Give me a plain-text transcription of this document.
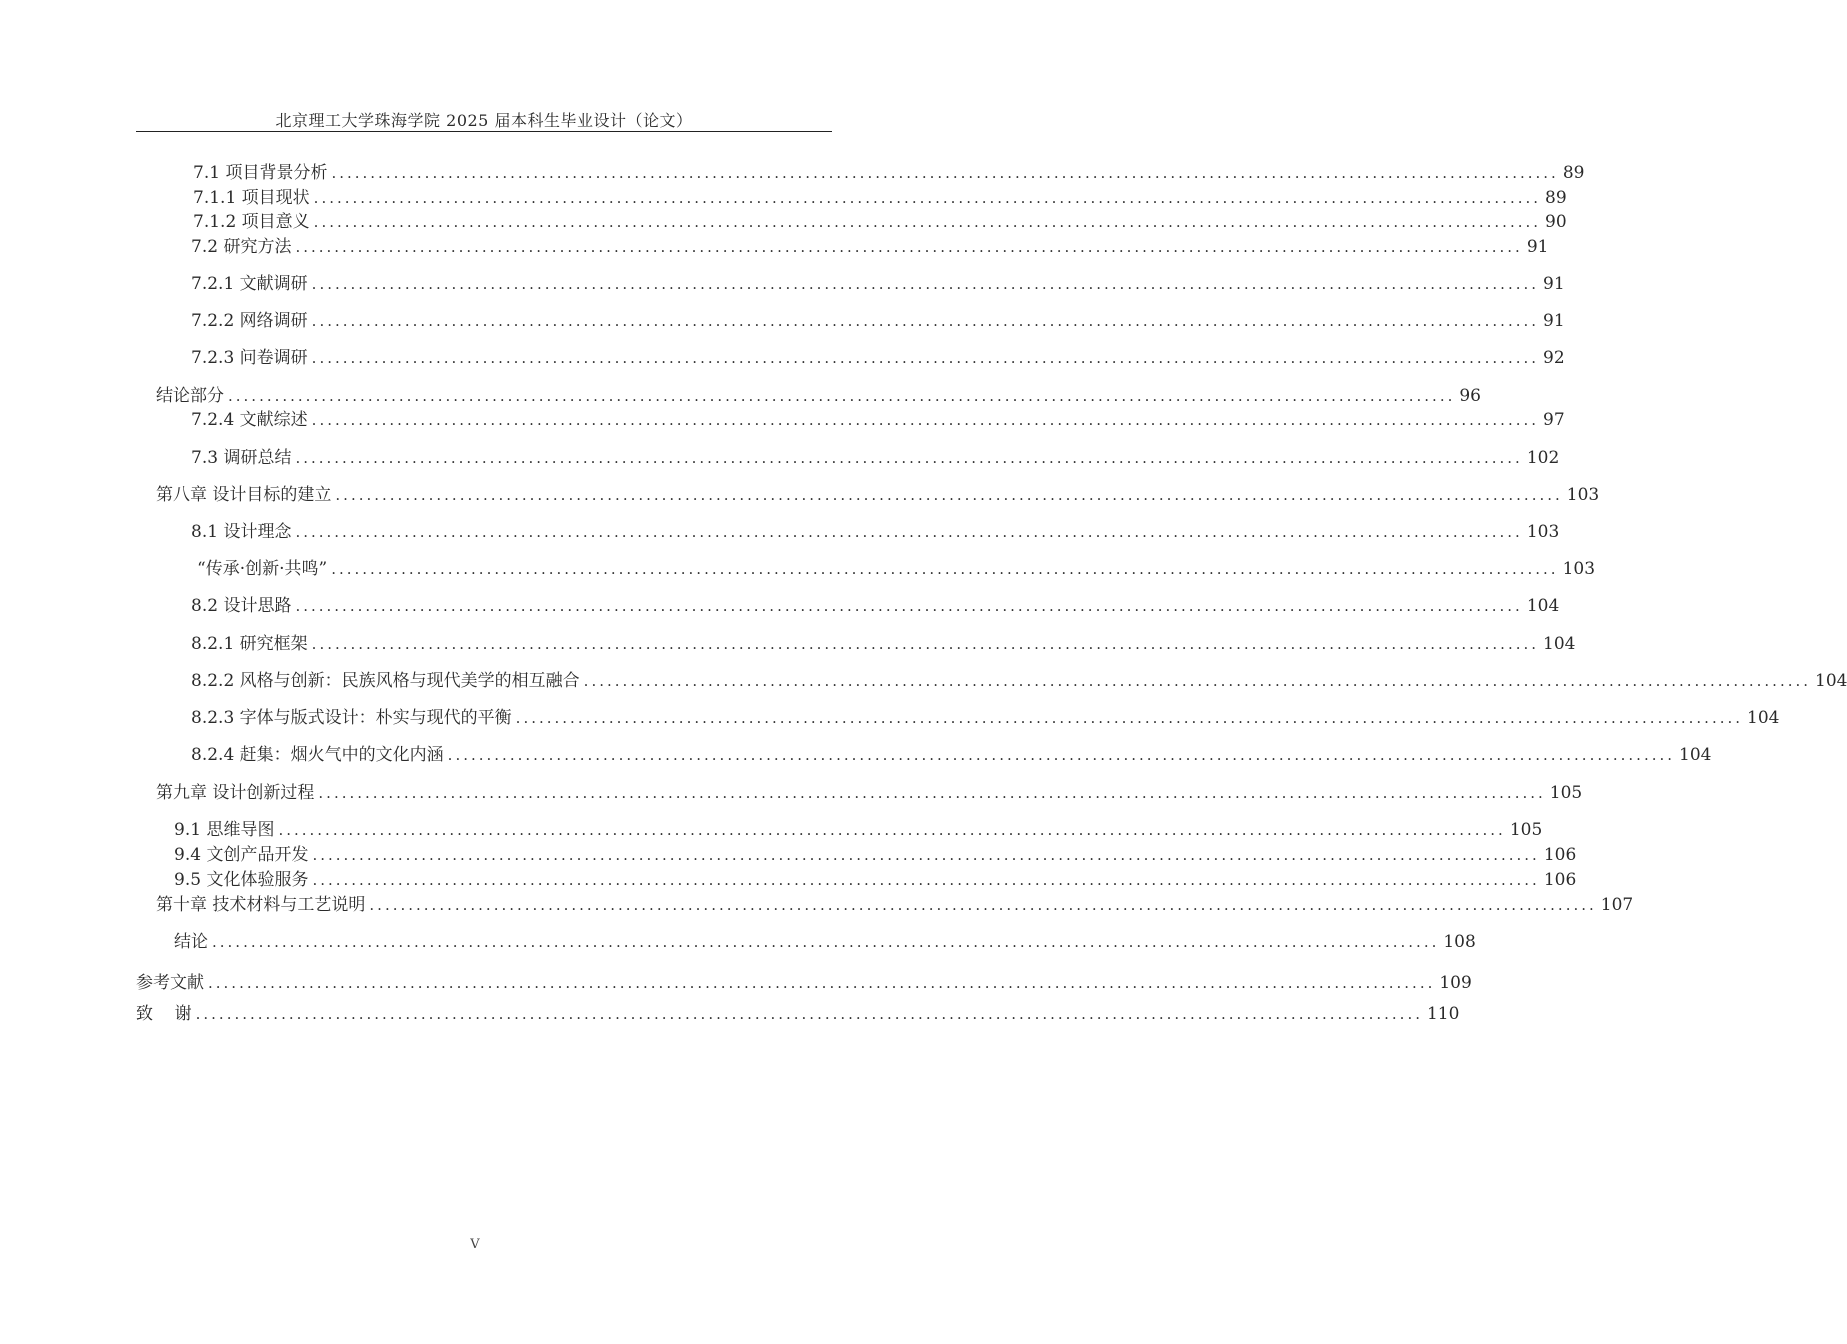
北京理工大学珠海学院 2025 届本科生毕业设计（论文）
7.1 项目背景分析 .............................................................................................................................................................. 89
7.1.1 项目现状 .............................................................................................................................................................. 89
7.1.2 项目意义 .............................................................................................................................................................. 90
7.2 研究方法 .............................................................................................................................................................. 91
7.2.1 文献调研 .............................................................................................................................................................. 91
7.2.2 网络调研 .............................................................................................................................................................. 91
7.2.3 问卷调研 .............................................................................................................................................................. 92
结论部分 .............................................................................................................................................................. 96
7.2.4 文献综述 .............................................................................................................................................................. 97
7.3 调研总结 .............................................................................................................................................................. 102
第八章 设计目标的建立 .............................................................................................................................................................. 103
8.1 设计理念 .............................................................................................................................................................. 103
“传承·创新·共鸣” .............................................................................................................................................................. 103
8.2 设计思路 .............................................................................................................................................................. 104
8.2.1 研究框架 .............................................................................................................................................................. 104
8.2.2 风格与创新：民族风格与现代美学的相互融合 .............................................................................................................................................................. 104
8.2.3 字体与版式设计：朴实与现代的平衡 .............................................................................................................................................................. 104
8.2.4 赶集：烟火气中的文化内涵 .............................................................................................................................................................. 104
第九章 设计创新过程 .............................................................................................................................................................. 105
9.1 思维导图 .............................................................................................................................................................. 105
9.4 文创产品开发 .............................................................................................................................................................. 106
9.5 文化体验服务 .............................................................................................................................................................. 106
第十章 技术材料与工艺说明 .............................................................................................................................................................. 107
结论 .............................................................................................................................................................. 108
参考文献 .............................................................................................................................................................. 109
致    谢 .............................................................................................................................................................. 110
V
